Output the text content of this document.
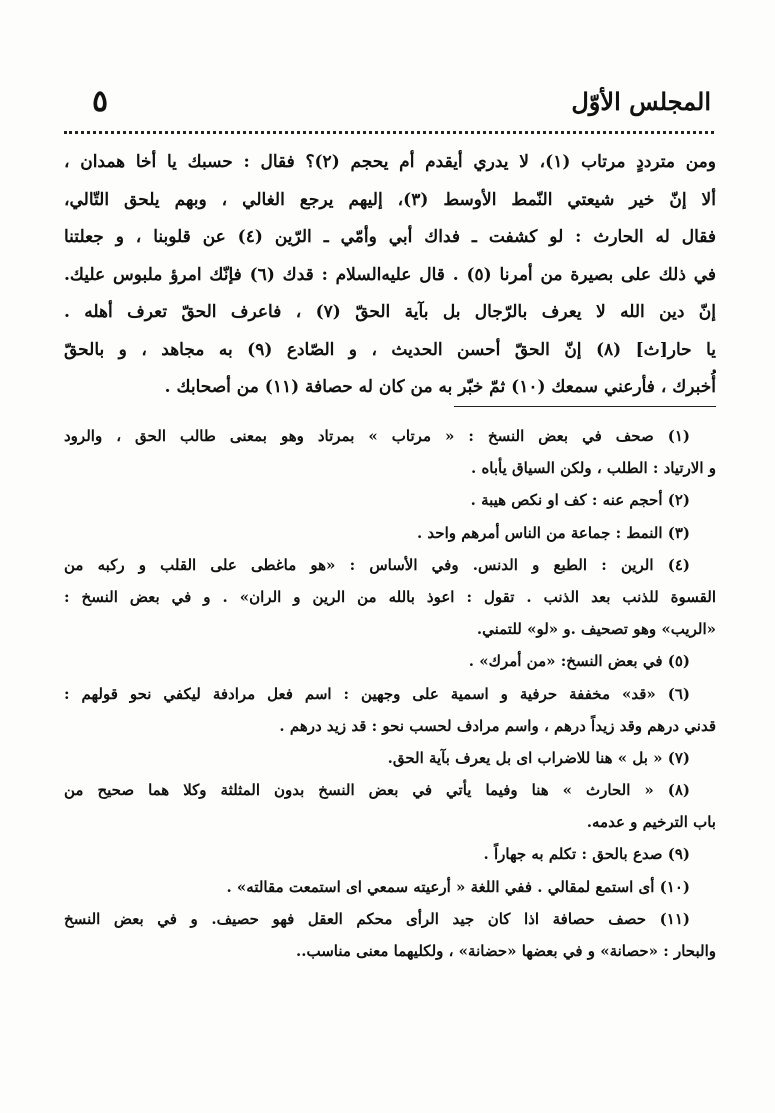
المجلس الأوّل
٥
ومن مترددٍ مرتاب (١)، لا يدري أيقدم أم يحجم (٢)؟ فقال : حسبك يا أخا همدان ،
ألا إنّ خير شيعتي النّمط الأوسط (٣)، إليهم يرجع الغالي ، وبهم يلحق التّالي،
فقال له الحارث : لو كشفت ـ فداك أبي وأمّي ـ الرّين (٤) عن قلوبنا ، و جعلتنا
في ذلك على بصيرة من أمرنا (٥) . قال عليه‌السلام : قدك (٦) فإنّك امرؤ ملبوس عليك.
إنّ دين الله لا يعرف بالرّجال بل بآية الحقّ (٧) ، فاعرف الحقّ تعرف أهله .
يا حار[ث] (٨) إنّ الحقّ أحسن الحديث ، و الصّادع (٩) به مجاهد ، و بالحقّ
أُخبرك ، فأرعني سمعك (١٠) ثمّ خبّر به من كان له حصافة (١١) من أصحابك .
(١) صحف في بعض النسخ : « مرتاب » بمرتاد وهو بمعنى طالب الحق ، والرود
و الارتياد : الطلب ، ولكن السياق يأباه .
(٢) أحجم عنه : كف او نكص هيبة .
(٣) النمط : جماعة من الناس أمرهم واحد .
(٤) الرين : الطبع و الدنس. وفي الأساس : «هو ماغطى على القلب و ركبه من
القسوة للذنب بعد الذنب . تقول : اعوذ بالله من الرين و الران» . و في بعض النسخ :
«الريب» وهو تصحيف .و «لو» للتمني.
(٥) في بعض النسخ: «من أمرك» .
(٦) «قد» مخففة حرفية و اسمية على وجهين : اسم فعل مرادفة ليكفي نحو قولهم :
قدني درهم وقد زيداً درهم ، واسم مرادف لحسب نحو : قد زيد درهم .
(٧) « بل » هنا للاضراب اى بل يعرف بآية الحق.
(٨) « الحارث » هنا وفيما يأتي في بعض النسخ بدون المثلثة وكلا هما صحيح من
باب الترخيم و عدمه.
(٩) صدع بالحق : تكلم به جهاراً .
(١٠) أى استمع لمقالي . ففي اللغة « أرعيته سمعي اى استمعت مقالته» .
(١١) حصف حصافة اذا كان جيد الرأى محكم العقل فهو حصيف. و في بعض النسخ
والبحار : «حصانة» و في بعضها «حضانة» ، ولكليهما معنى مناسب..
